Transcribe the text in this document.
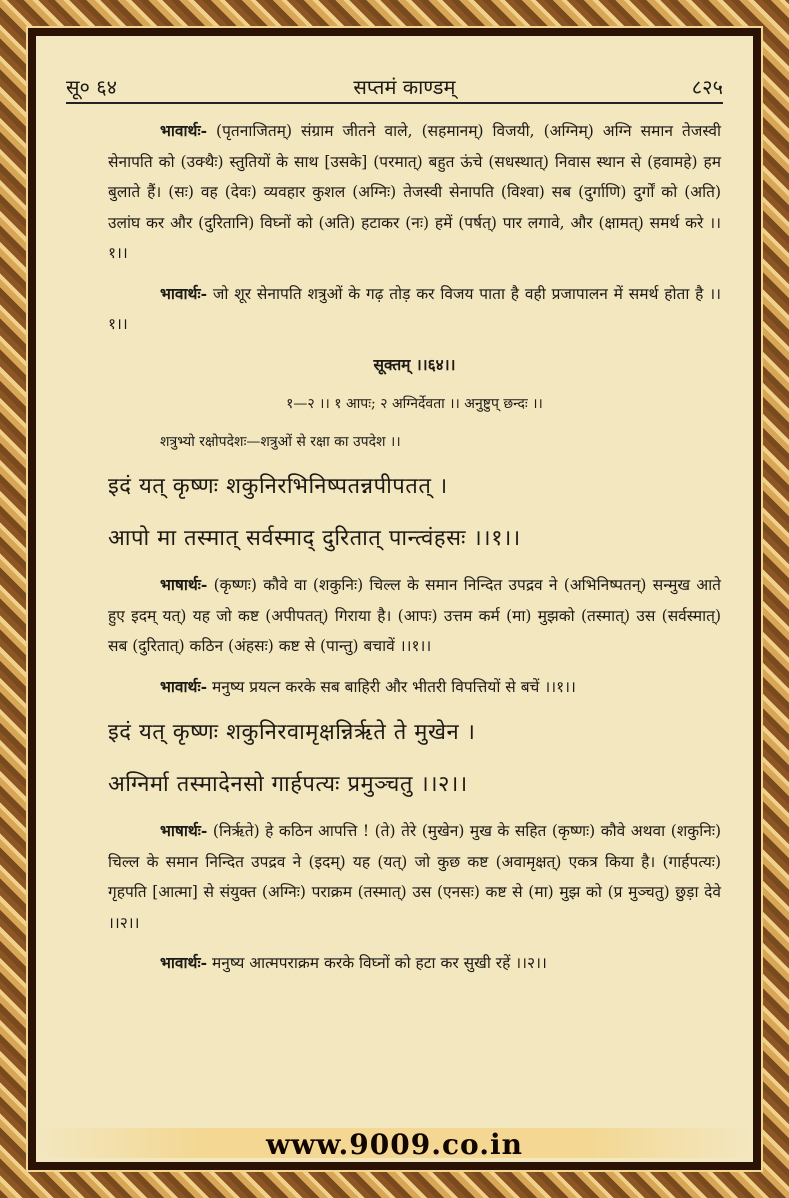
सू० ६४	सप्तमं काण्डम्	८२५

भावार्थः- (पृतनाजितम्) संग्राम जीतने वाले, (सहमानम्) विजयी, (अग्निम्) अग्नि समान तेजस्वी सेनापति को (उक्थैः) स्तुतियों के साथ [उसके] (परमात्) बहुत ऊंचे (सधस्थात्) निवास स्थान से (हवामहे) हम बुलाते हैं। (सः) वह (देवः) व्यवहार कुशल (अग्निः) तेजस्वी सेनापति (विश्वा) सब (दुर्गाणि) दुर्गों को (अति) उलांघ कर और (दुरितानि) विघ्नों को (अति) हटाकर (नः) हमें (पर्षत्) पार लगावे, और (क्षामत्) समर्थ करे ।।१।।

भावार्थः- जो शूर सेनापति शत्रुओं के गढ़ तोड़ कर विजय पाता है वही प्रजापालन में समर्थ होता है ।।१।।

सूक्तम् ।।६४।।

१—२ ।। १ आपः; २ अग्निर्देवता ।। अनुष्टुप् छन्दः ।।

शत्रुभ्यो रक्षोपदेशः—शत्रुओं से रक्षा का उपदेश ।।

इदं यत् कृष्णः शकुनिरभिनिष्पतन्नपीपतत् ।

आपो मा तस्मात् सर्वस्माद् दुरितात् पान्त्वंहसः ।।१।।

भाषार्थः- (कृष्णः) कौवे वा (शकुनिः) चिल्ल के समान निन्दित उपद्रव ने (अभिनिष्पतन्) सन्मुख आते हुए इदम् यत्) यह जो कष्ट (अपीपतत्) गिराया है। (आपः) उत्तम कर्म (मा) मुझको (तस्मात्) उस (सर्वस्मात्) सब (दुरितात्) कठिन (अंहसः) कष्ट से (पान्तु) बचावें ।।१।।

भावार्थः- मनुष्य प्रयत्न करके सब बाहिरी और भीतरी विपत्तियों से बचें ।।१।।

इदं यत् कृष्णः शकुनिरवामृक्षन्निर्ऋते ते मुखेन ।

अग्निर्मा तस्मादेनसो गार्हपत्यः प्रमुञ्चतु ।।२।।

भाषार्थः- (निर्ऋते) हे कठिन आपत्ति ! (ते) तेरे (मुखेन) मुख के सहित (कृष्णः) कौवे अथवा (शकुनिः) चिल्ल के समान निन्दित उपद्रव ने (इदम्) यह (यत्) जो कुछ कष्ट (अवामृक्षत्) एकत्र किया है। (गार्हपत्यः) गृहपति [आत्मा] से संयुक्त (अग्निः) पराक्रम (तस्मात्) उस (एनसः) कष्ट से (मा) मुझ को (प्र मुञ्चतु) छुड़ा देवे ।।२।।

भावार्थः- मनुष्य आत्मपराक्रम करके विघ्नों को हटा कर सुखी रहें ।।२।।

www.9009.co.in
